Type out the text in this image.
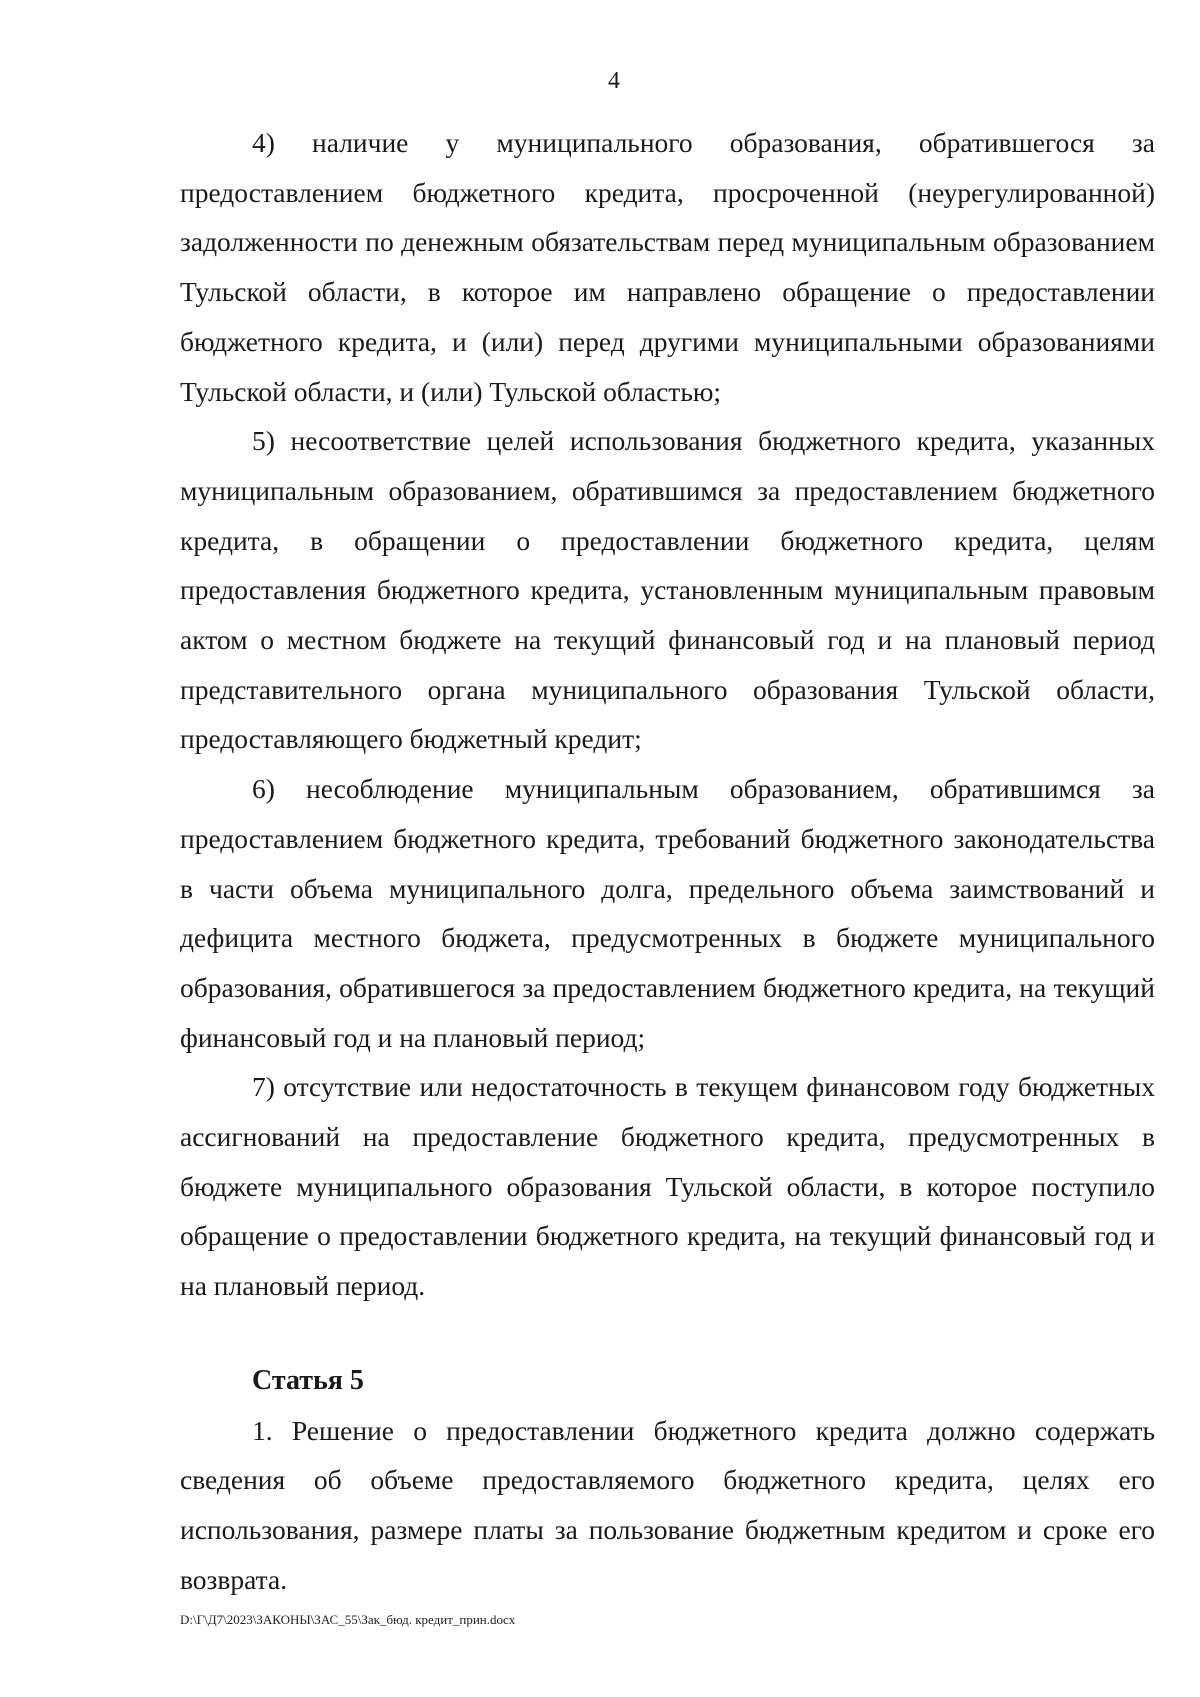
4

4) наличие у муниципального образования, обратившегося за предоставлением бюджетного кредита, просроченной (неурегулированной) задолженности по денежным обязательствам перед муниципальным образованием Тульской области, в которое им направлено обращение о предоставлении бюджетного кредита, и (или) перед другими муниципальными образованиями Тульской области, и (или) Тульской областью;

5) несоответствие целей использования бюджетного кредита, указанных муниципальным образованием, обратившимся за предоставлением бюджетного кредита, в обращении о предоставлении бюджетного кредита, целям предоставления бюджетного кредита, установленным муниципальным правовым актом о местном бюджете на текущий финансовый год и на плановый период представительного органа муниципального образования Тульской области, предоставляющего бюджетный кредит;

6) несоблюдение муниципальным образованием, обратившимся за предоставлением бюджетного кредита, требований бюджетного законодательства в части объема муниципального долга, предельного объема заимствований и дефицита местного бюджета, предусмотренных в бюджете муниципального образования, обратившегося за предоставлением бюджетного кредита, на текущий финансовый год и на плановый период;

7) отсутствие или недостаточность в текущем финансовом году бюджетных ассигнований на предоставление бюджетного кредита, предусмотренных в бюджете муниципального образования Тульской области, в которое поступило обращение о предоставлении бюджетного кредита, на текущий финансовый год и на плановый период.

Статья 5

1. Решение о предоставлении бюджетного кредита должно содержать сведения об объеме предоставляемого бюджетного кредита, целях его использования, размере платы за пользование бюджетным кредитом и сроке его возврата.

D:\Г\Д7\2023\ЗАКОНЫ\ЗАС_55\Зак_бюд. кредит_прин.docx
